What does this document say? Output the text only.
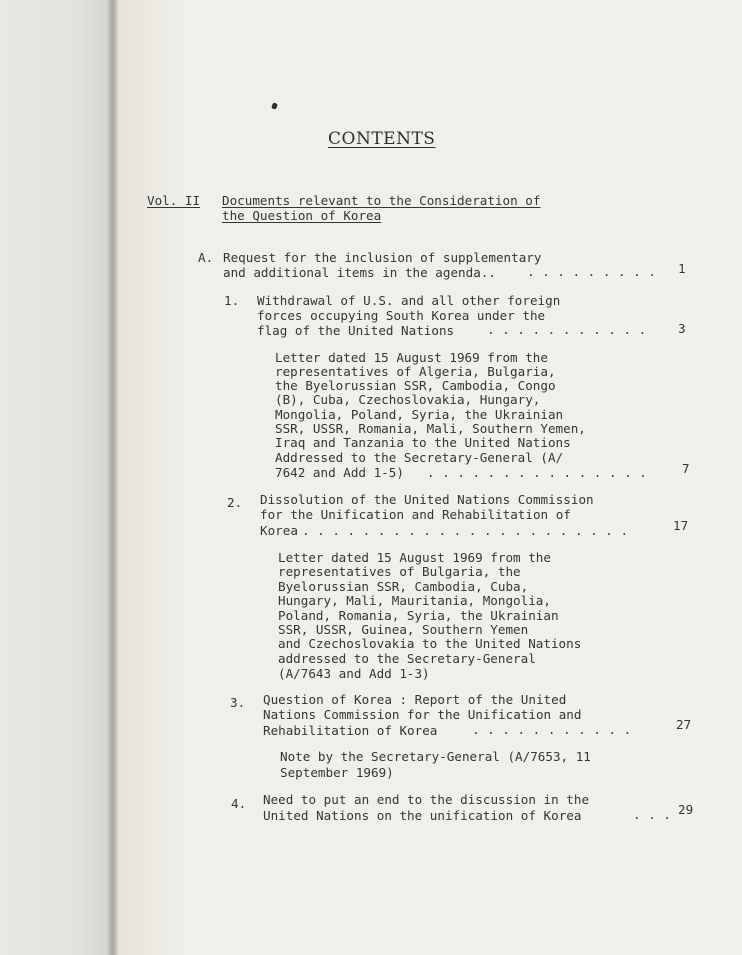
CONTENTS
Vol. II Documents relevant to the Consideration of
the Question of Korea
A. Request for the inclusion of supplementary
and additional items in the agenda.. . . . . . . . . . 1
1. Withdrawal of U.S. and all other foreign
forces occupying South Korea under the
flag of the United Nations	. . . . . . . . . . .	3
Letter dated 15 August 1969 from the
representatives of Algeria, Bulgaria,
the Byelorussian SSR, Cambodia, Congo
(B), Cuba, Czechoslovakia, Hungary,
Mongolia, Poland, Syria, the Ukrainian
SSR, USSR, Romania, Mali, Southern Yemen,
Iraq and Tanzania to the United Nations
Addressed to the Secretary-General (A/
7642 and Add 1-5) . . . . . . . . . . . . . . .	7
2. Dissolution of the United Nations Commission
for the Unification and Rehabilitation of
Korea . . . . . . . . . . . . . . . . . . . . . .	17
Letter dated 15 August 1969 from the
representatives of Bulgaria, the
Byelorussian SSR, Cambodia, Cuba,
Hungary, Mali, Mauritania, Mongolia,
Poland, Romania, Syria, the Ukrainian
SSR, USSR, Guinea, Southern Yemen
and Czechoslovakia to the United Nations
addressed to the Secretary-General
(A/7643 and Add 1-3)
3. Question of Korea : Report of the United
Nations Commission for the Unification and
Rehabilitation of Korea	. . . . . . . . . . .	27
Note by the Secretary-General (A/7653, 11
September 1969)
4. Need to put an end to the discussion in the
United Nations on the unification of Korea	. . . 29
